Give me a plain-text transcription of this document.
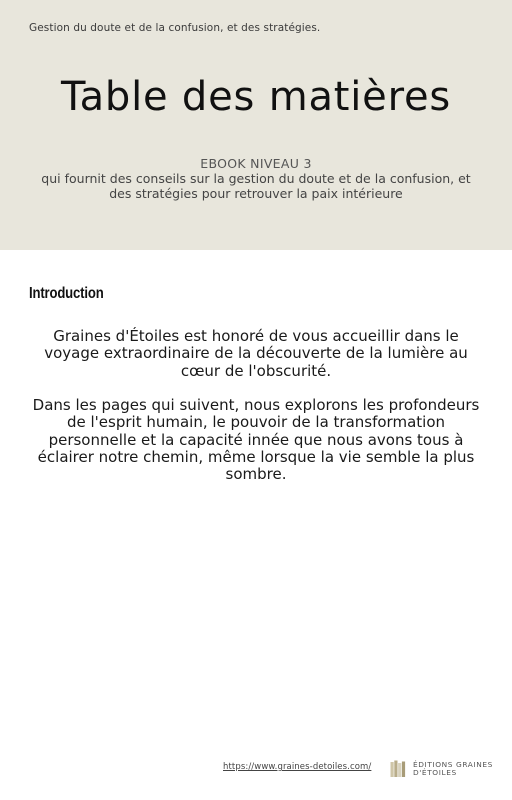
Gestion du doute et de la confusion, et des stratégies.
Table des matières
EBOOK NIVEAU 3
qui fournit des conseils sur la gestion du doute et de la confusion, et des stratégies pour retrouver la paix intérieure
Introduction

Graines d'Étoiles est honoré de vous accueillir dans le voyage extraordinaire de la découverte de la lumière au cœur de l'obscurité.

Dans les pages qui suivent, nous explorons les profondeurs de l'esprit humain, le pouvoir de la transformation personnelle et la capacité innée que nous avons tous à éclairer notre chemin, même lorsque la vie semble la plus sombre.

https://www.graines-detoiles.com/	ÉDITIONS GRAINES
D'ÉTOILES
